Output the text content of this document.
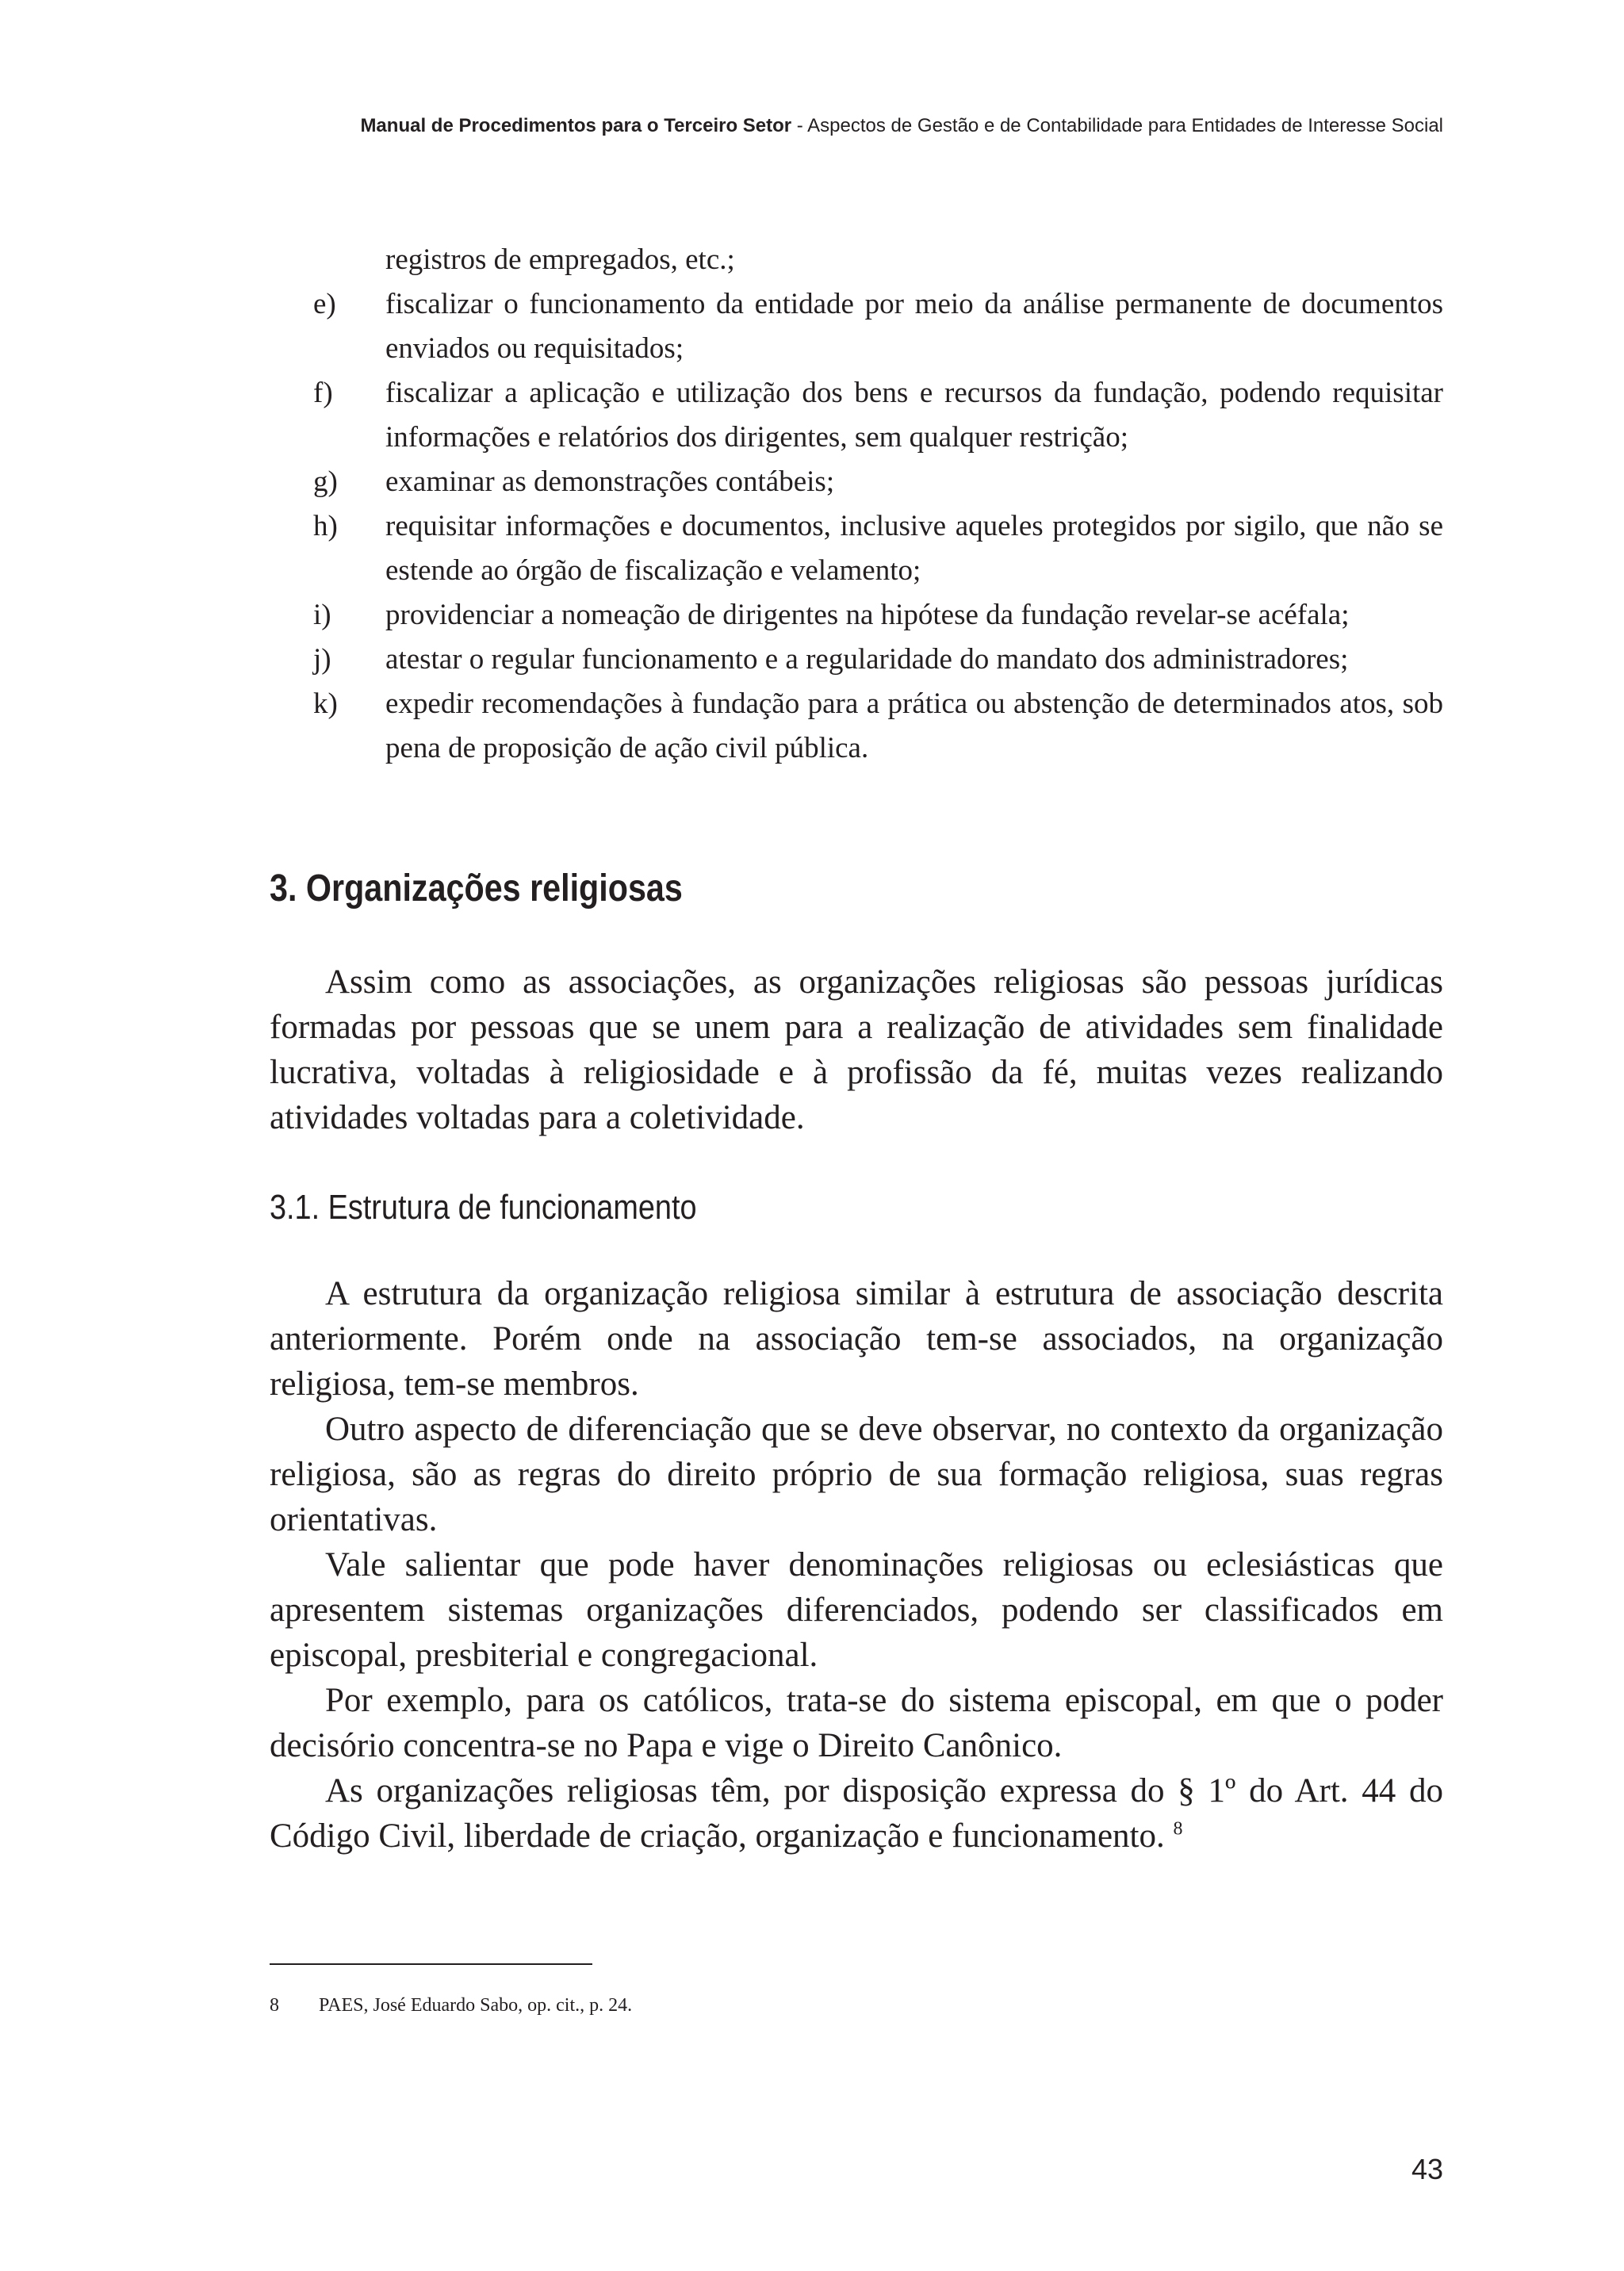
Manual de Procedimentos para o Terceiro Setor - Aspectos de Gestão e de Contabilidade para Entidades de Interesse Social
registros de empregados, etc.;
e) fiscalizar o funcionamento da entidade por meio da análise permanente de documentos enviados ou requisitados;
f) fiscalizar a aplicação e utilização dos bens e recursos da fundação, podendo requisitar informações e relatórios dos dirigentes, sem qualquer restrição;
g) examinar as demonstrações contábeis;
h) requisitar informações e documentos, inclusive aqueles protegidos por sigilo, que não se estende ao órgão de fiscalização e velamento;
i) providenciar a nomeação de dirigentes na hipótese da fundação revelar-se acéfala;
j) atestar o regular funcionamento e a regularidade do mandato dos administradores;
k) expedir recomendações à fundação para a prática ou abstenção de determinados atos, sob pena de proposição de ação civil pública.
3. Organizações religiosas

Assim como as associações, as organizações religiosas são pessoas jurídicas formadas por pessoas que se unem para a realização de atividades sem finalidade lucrativa, voltadas à religiosidade e à profissão da fé, muitas vezes realizando atividades voltadas para a coletividade.

3.1. Estrutura de funcionamento

A estrutura da organização religiosa similar à estrutura de associação descrita anteriormente. Porém onde na associação tem-se associados, na organização religiosa, tem-se membros.

Outro aspecto de diferenciação que se deve observar, no contexto da organização religiosa, são as regras do direito próprio de sua formação religiosa, suas regras orientativas.

Vale salientar que pode haver denominações religiosas ou eclesiásticas que apresentem sistemas organizações diferenciados, podendo ser classificados em episcopal, presbiterial e congregacional.

Por exemplo, para os católicos, trata-se do sistema episcopal, em que o poder decisório concentra-se no Papa e vige o Direito Canônico.

As organizações religiosas têm, por disposição expressa do § 1º do Art. 44 do Código Civil, liberdade de criação, organização e funcionamento. $^8$

8 PAES, José Eduardo Sabo, op. cit., p. 24.
43
